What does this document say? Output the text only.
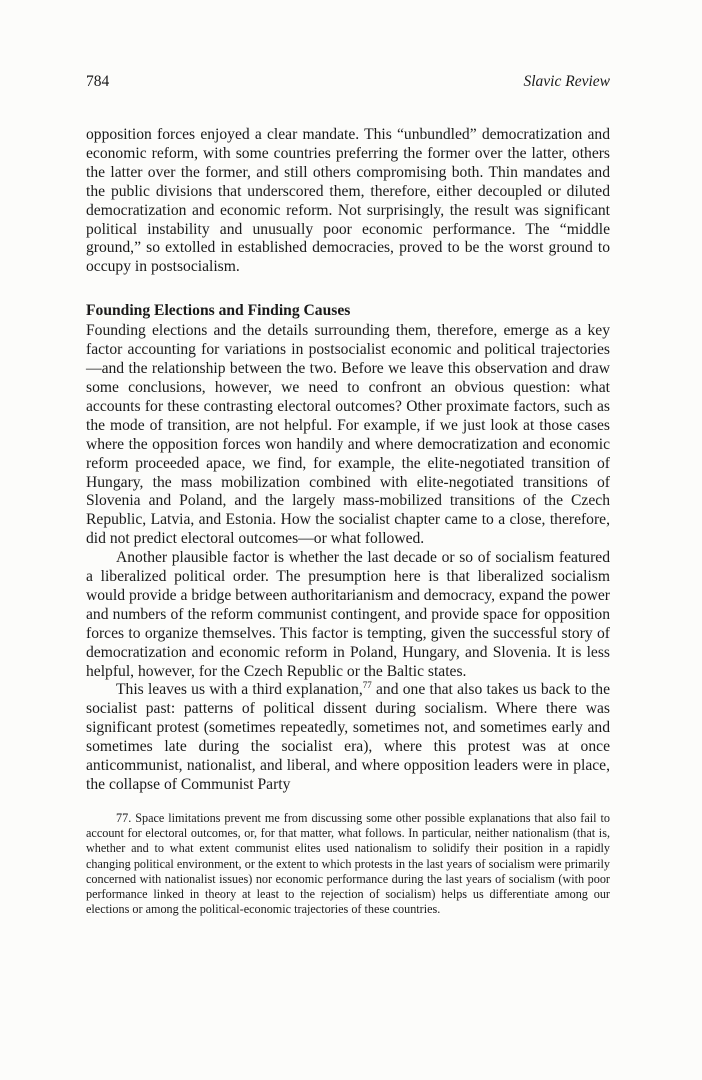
784	Slavic Review

opposition forces enjoyed a clear mandate. This “unbundled” democratization and economic reform, with some countries preferring the former over the latter, others the latter over the former, and still others compromising both. Thin mandates and the public divisions that underscored them, therefore, either decoupled or diluted democratization and economic reform. Not surprisingly, the result was significant political instability and unusually poor economic performance. The “middle ground,” so extolled in established democracies, proved to be the worst ground to occupy in postsocialism.

Founding Elections and Finding Causes

Founding elections and the details surrounding them, therefore, emerge as a key factor accounting for variations in postsocialist economic and political trajectories—and the relationship between the two. Before we leave this observation and draw some conclusions, however, we need to confront an obvious question: what accounts for these contrasting electoral outcomes? Other proximate factors, such as the mode of transition, are not helpful. For example, if we just look at those cases where the opposition forces won handily and where democratization and economic reform proceeded apace, we find, for example, the elite-negotiated transition of Hungary, the mass mobilization combined with elite-negotiated transitions of Slovenia and Poland, and the largely mass-mobilized transitions of the Czech Republic, Latvia, and Estonia. How the socialist chapter came to a close, therefore, did not predict electoral outcomes—or what followed.

Another plausible factor is whether the last decade or so of socialism featured a liberalized political order. The presumption here is that liberalized socialism would provide a bridge between authoritarianism and democracy, expand the power and numbers of the reform communist contingent, and provide space for opposition forces to organize themselves. This factor is tempting, given the successful story of democratization and economic reform in Poland, Hungary, and Slovenia. It is less helpful, however, for the Czech Republic or the Baltic states.

This leaves us with a third explanation,$^{77}$ and one that also takes us back to the socialist past: patterns of political dissent during socialism. Where there was significant protest (sometimes repeatedly, sometimes not, and sometimes early and sometimes late during the socialist era), where this protest was at once anticommunist, nationalist, and liberal, and where opposition leaders were in place, the collapse of Communist Party

77. Space limitations prevent me from discussing some other possible explanations that also fail to account for electoral outcomes, or, for that matter, what follows. In particular, neither nationalism (that is, whether and to what extent communist elites used nationalism to solidify their position in a rapidly changing political environment, or the extent to which protests in the last years of socialism were primarily concerned with nationalist issues) nor economic performance during the last years of socialism (with poor performance linked in theory at least to the rejection of socialism) helps us differentiate among our elections or among the political-economic trajectories of these countries.
